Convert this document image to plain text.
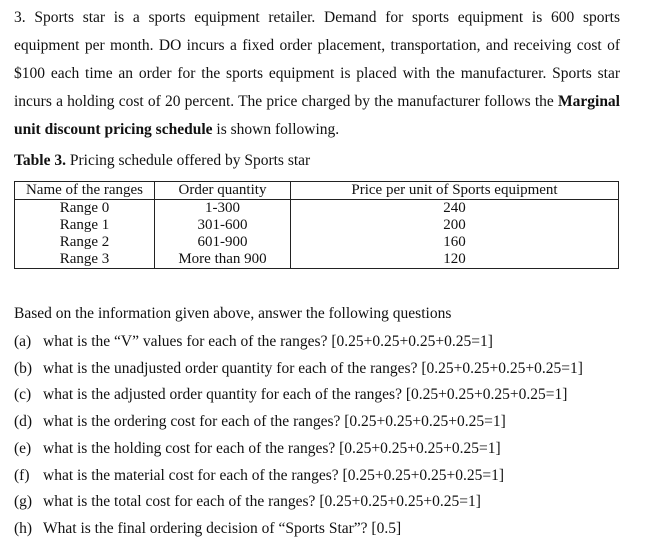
3. Sports star is a sports equipment retailer. Demand for sports equipment is 600 sports equipment per month. DO incurs a fixed order placement, transportation, and receiving cost of $100 each time an order for the sports equipment is placed with the manufacturer. Sports star incurs a holding cost of 20 percent. The price charged by the manufacturer follows the Marginal unit discount pricing schedule is shown following.
Table 3. Pricing schedule offered by Sports star
Name of the ranges	Order quantity	Price per unit of Sports equipment
Range 0	1-300	240
Range 1	301-600	200
Range 2	601-900	160
Range 3	More than 900	120
Based on the information given above, answer the following questions
(a) what is the “V” values for each of the ranges? [0.25+0.25+0.25+0.25=1]
(b) what is the unadjusted order quantity for each of the ranges? [0.25+0.25+0.25+0.25=1]
(c) what is the adjusted order quantity for each of the ranges? [0.25+0.25+0.25+0.25=1]
(d) what is the ordering cost for each of the ranges? [0.25+0.25+0.25+0.25=1]
(e) what is the holding cost for each of the ranges? [0.25+0.25+0.25+0.25=1]
(f) what is the material cost for each of the ranges? [0.25+0.25+0.25+0.25=1]
(g) what is the total cost for each of the ranges? [0.25+0.25+0.25+0.25=1]
(h) What is the final ordering decision of “Sports Star”? [0.5]
